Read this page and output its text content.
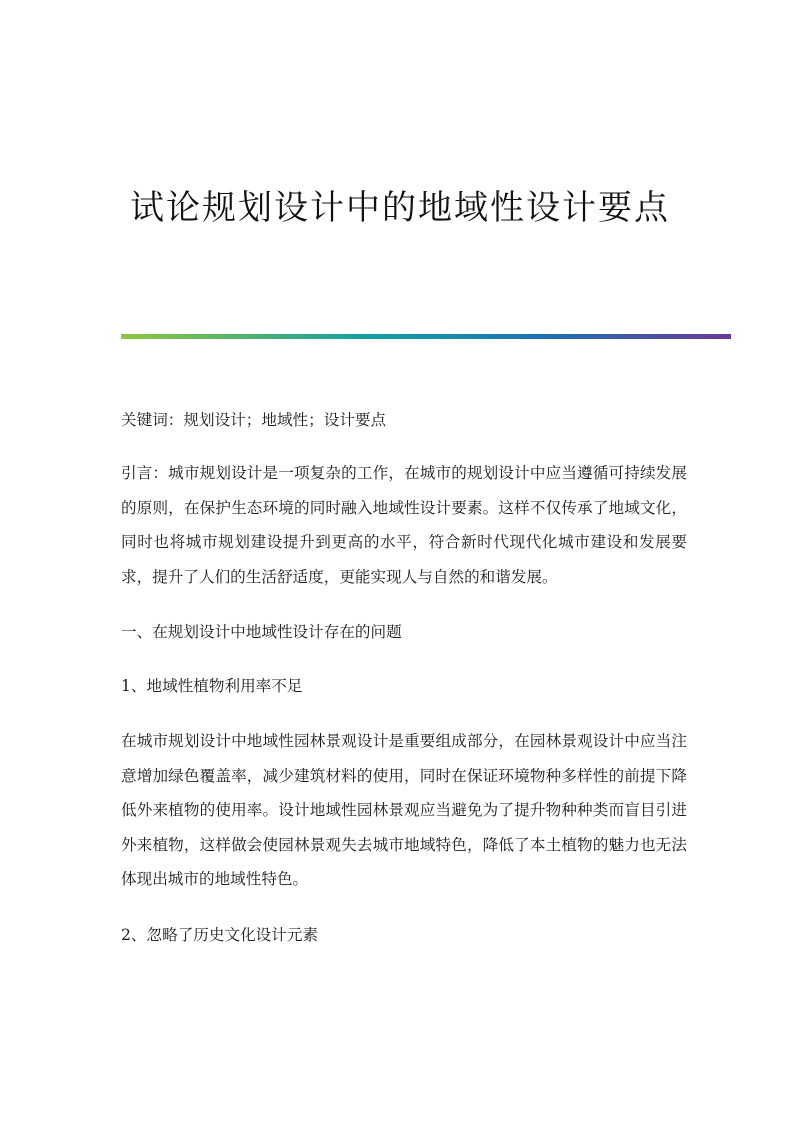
试论规划设计中的地域性设计要点

关键词：规划设计；地域性；设计要点

引言：城市规划设计是一项复杂的工作，在城市的规划设计中应当遵循可持续发展的原则，在保护生态环境的同时融入地域性设计要素。这样不仅传承了地域文化，同时也将城市规划建设提升到更高的水平，符合新时代现代化城市建设和发展要求，提升了人们的生活舒适度，更能实现人与自然的和谐发展。

一、在规划设计中地域性设计存在的问题

1、地域性植物利用率不足

在城市规划设计中地域性园林景观设计是重要组成部分，在园林景观设计中应当注意增加绿色覆盖率，减少建筑材料的使用，同时在保证环境物种多样性的前提下降低外来植物的使用率。设计地域性园林景观应当避免为了提升物种种类而盲目引进外来植物，这样做会使园林景观失去城市地域特色，降低了本土植物的魅力也无法体现出城市的地域性特色。

2、忽略了历史文化设计元素
